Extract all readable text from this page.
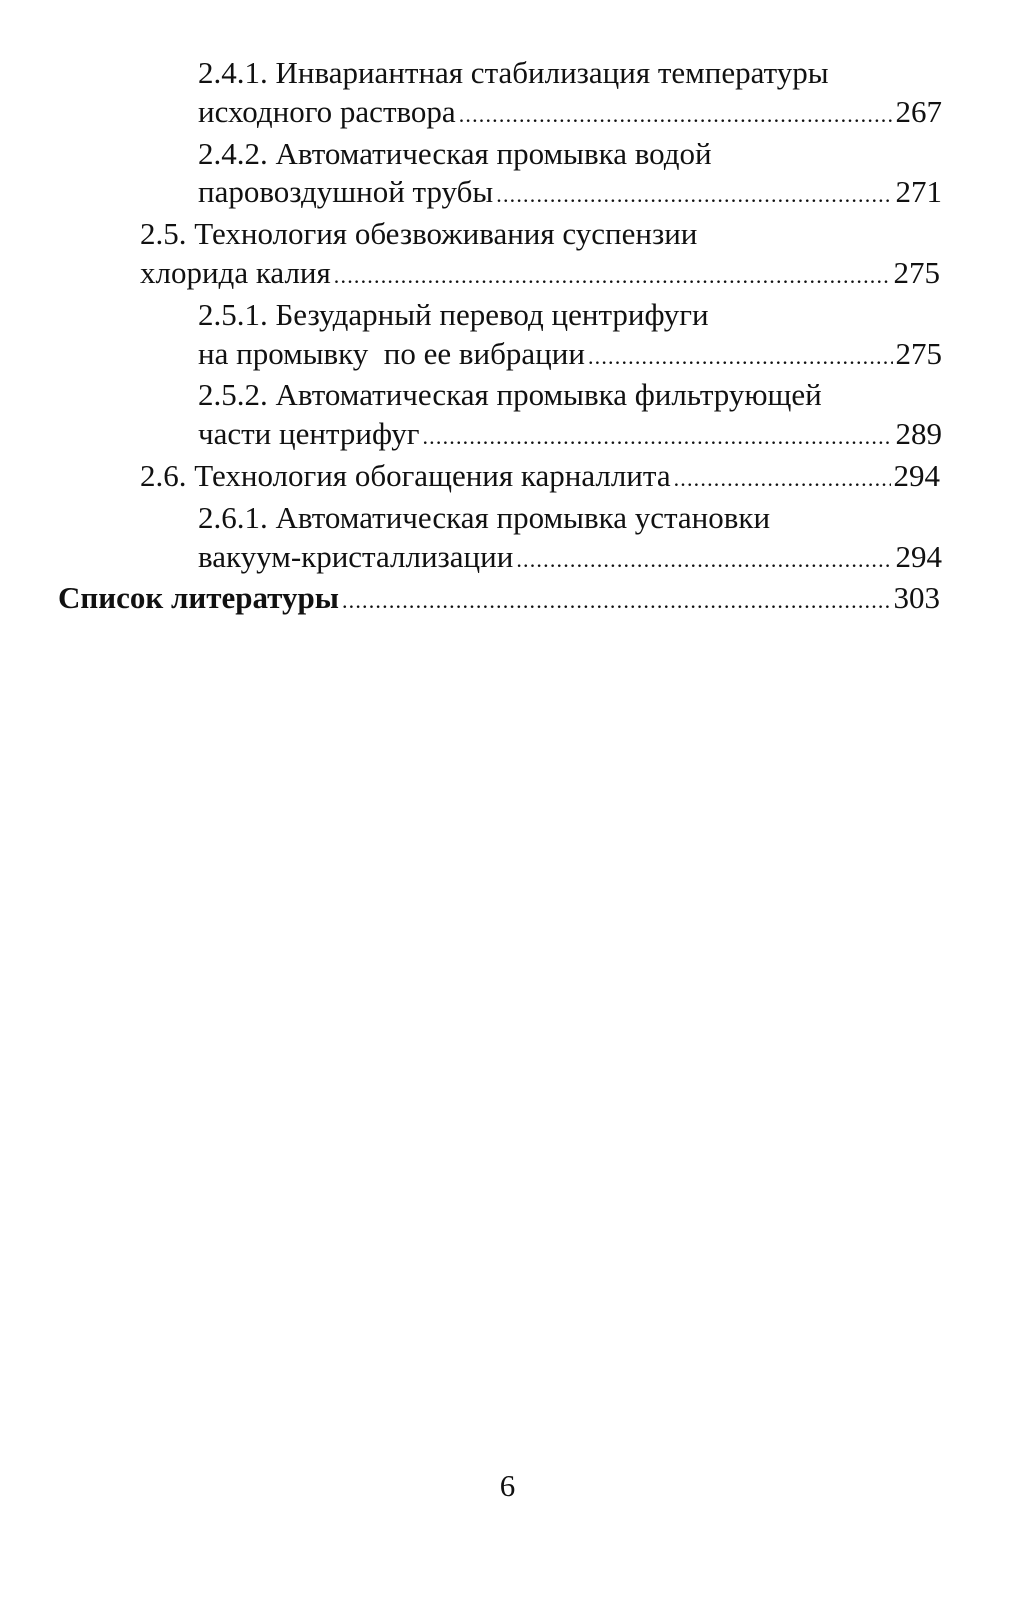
2.4.1. Инвариантная стабилизация температуры
исходного раствора .....	267
2.4.2. Автоматическая промывка водой
паровоздушной трубы .....	271
2.5. Технология обезвоживания суспензии
хлорида калия .....	275
2.5.1. Безударный перевод центрифуги
на промывку  по ее вибрации .....	275
2.5.2. Автоматическая промывка фильтрующей
части центрифуг .....	289
2.6. Технология обогащения карналлита .....	294
2.6.1. Автоматическая промывка установки
вакуум-кристаллизации .....	294
Список литературы .....	303
6
